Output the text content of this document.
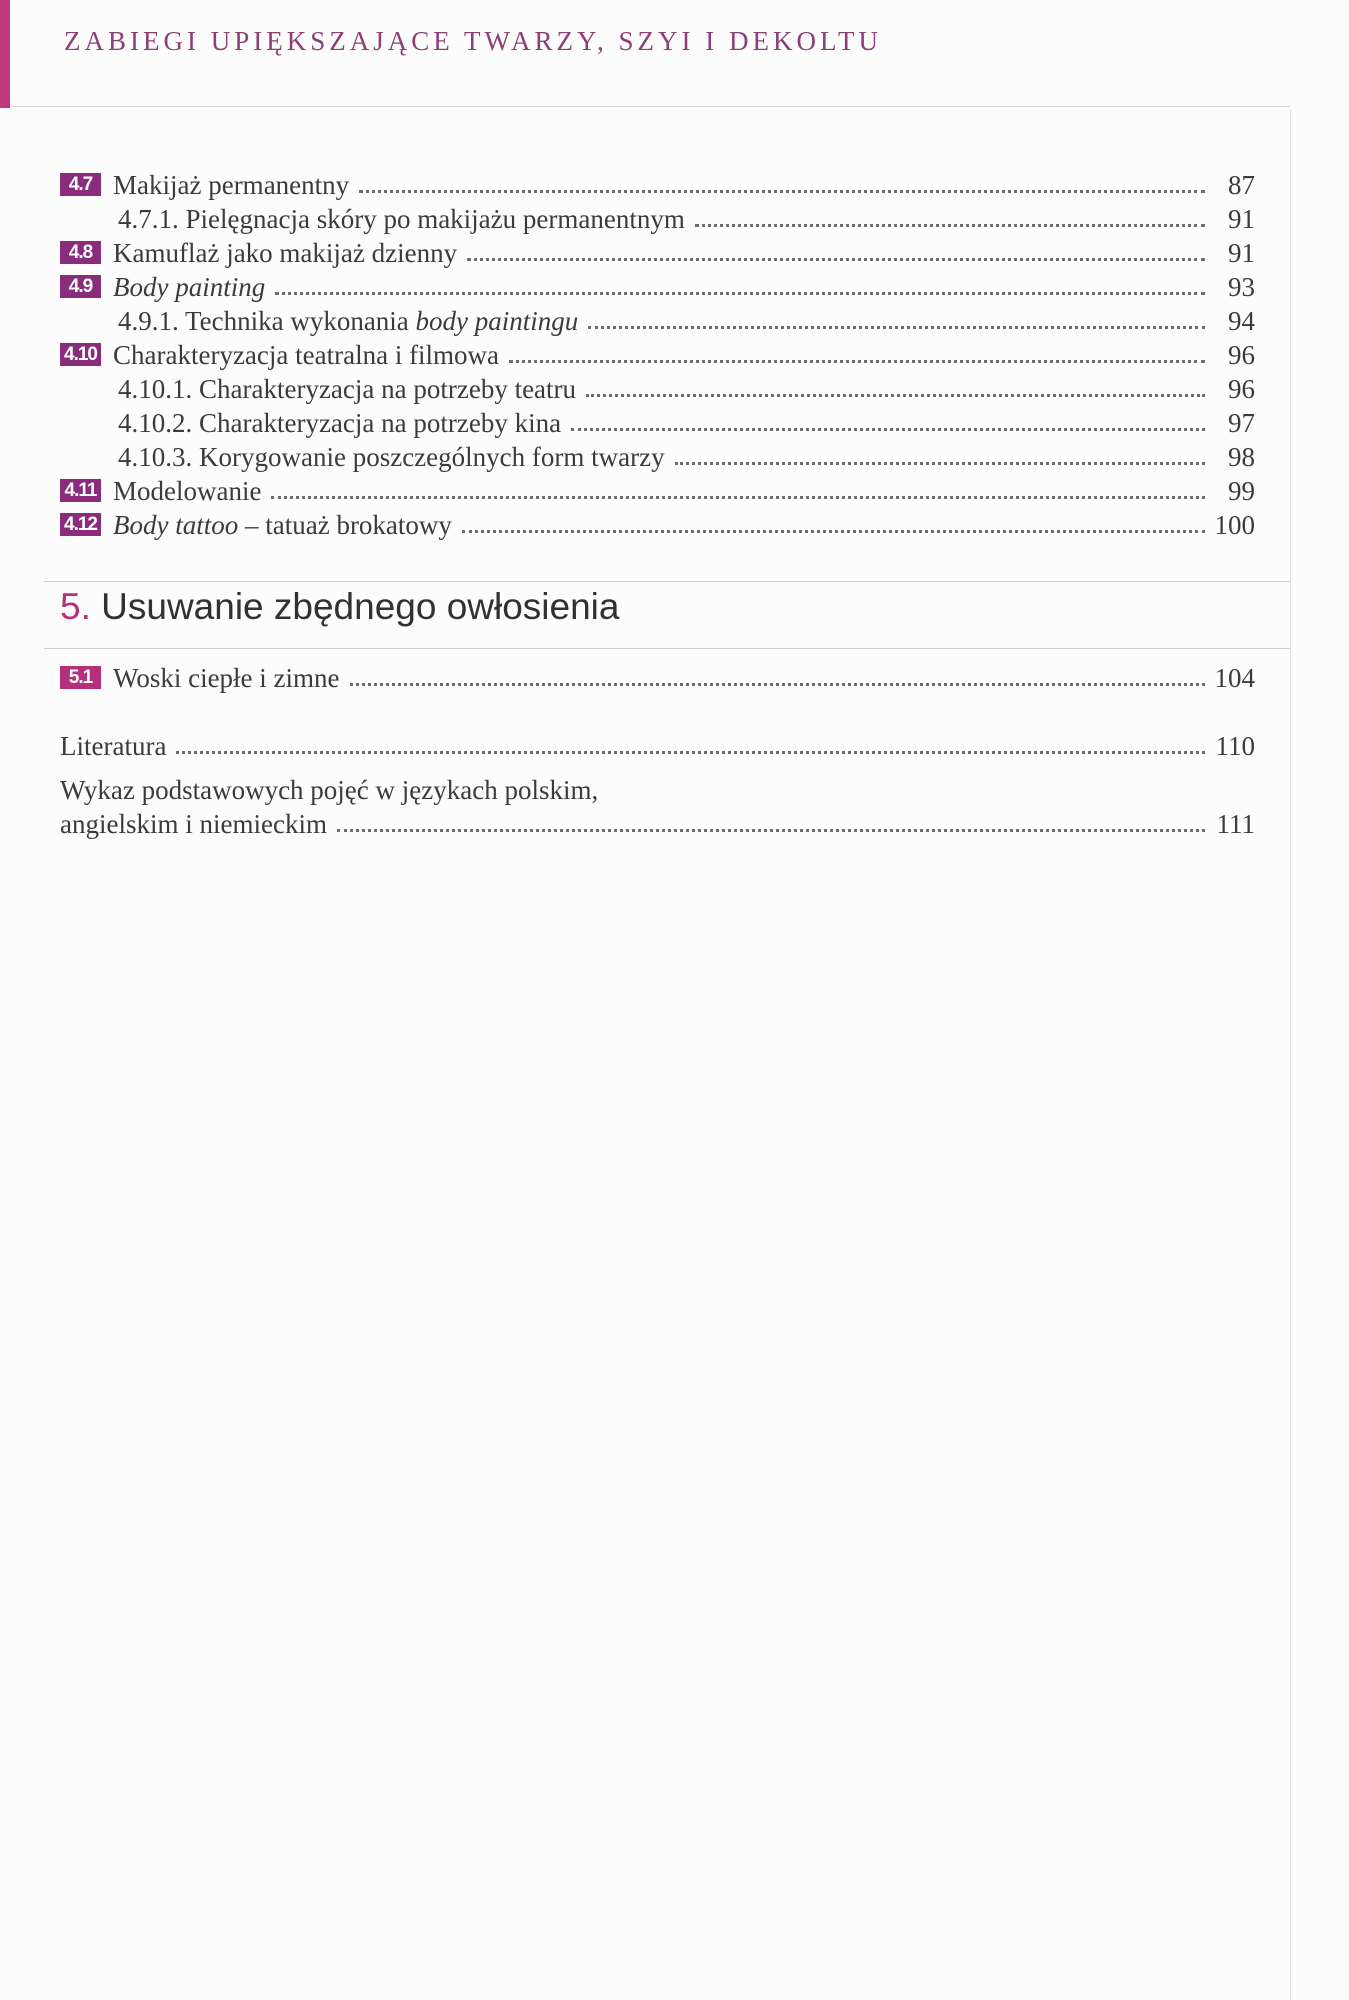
ZABIEGI UPIĘKSZAJĄCE TWARZY, SZYI I DEKOLTU
4.7 Makijaż permanentny	87
4.7.1. Pielęgnacja skóry po makijażu permanentnym	91
4.8 Kamuflaż jako makijaż dzienny	91
4.9 Body painting	93
4.9.1. Technika wykonania body paintingu	94
4.10 Charakteryzacja teatralna i filmowa	96
4.10.1. Charakteryzacja na potrzeby teatru	96
4.10.2. Charakteryzacja na potrzeby kina	97
4.10.3. Korygowanie poszczególnych form twarzy	98
4.11 Modelowanie	99
4.12 Body tattoo – tatuaż brokatowy	100
5. Usuwanie zbędnego owłosienia
5.1 Woski ciepłe i zimne	104
Literatura	110
Wykaz podstawowych pojęć w językach polskim,
angielskim i niemieckim	111
